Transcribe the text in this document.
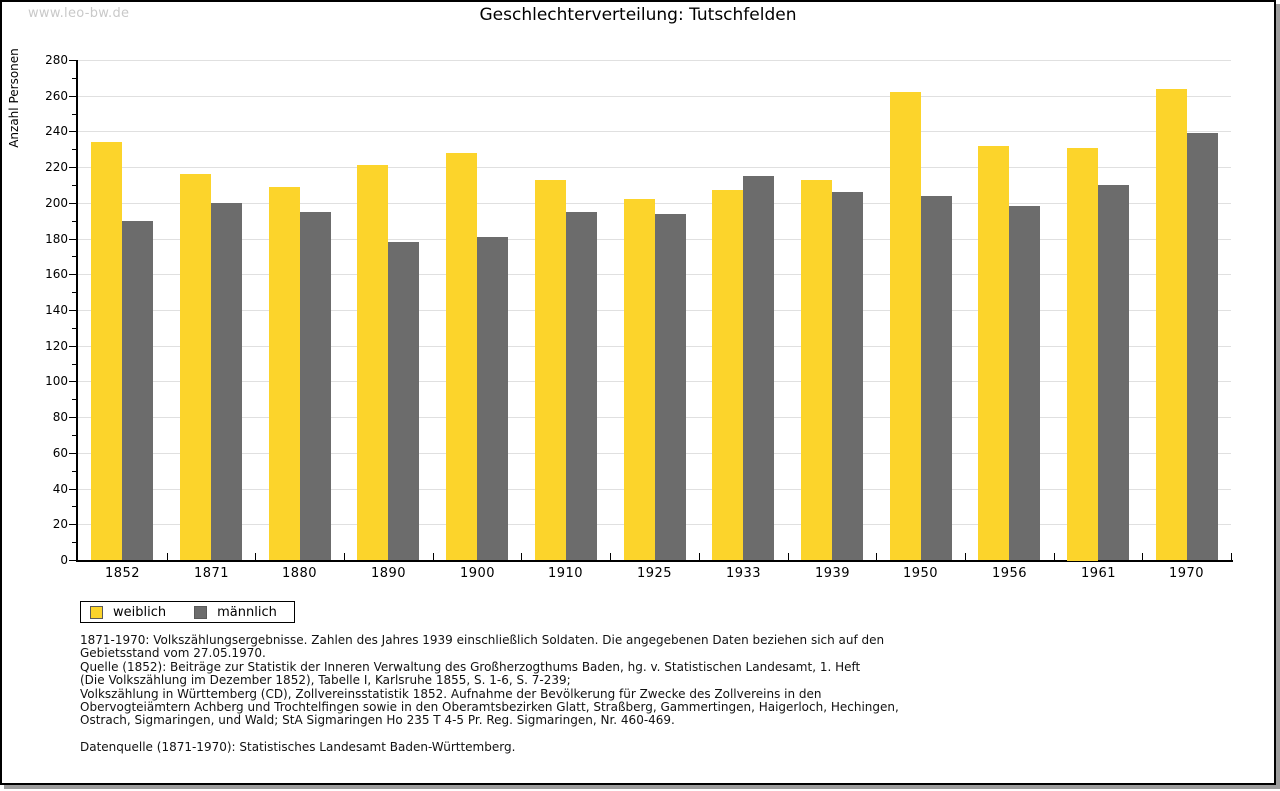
www.leo-bw.de	Geschlechterverteilung: Tutschfelden
Anzahl Personen
0
20
40
60
80
100
120
140
160
180
200
220
240
260
280
1852	1871	1880	1890	1900	1910	1925	1933	1939	1950	1956	1961	1970
weiblich	männlich
1871-1970: Volkszählungsergebnisse. Zahlen des Jahres 1939 einschließlich Soldaten. Die angegebenen Daten beziehen sich auf den
Gebietsstand vom 27.05.1970.
Quelle (1852): Beiträge zur Statistik der Inneren Verwaltung des Großherzogthums Baden, hg. v. Statistischen Landesamt, 1. Heft
(Die Volkszählung im Dezember 1852), Tabelle I, Karlsruhe 1855, S. 1-6, S. 7-239;
Volkszählung in Württemberg (CD), Zollvereinsstatistik 1852. Aufnahme der Bevölkerung für Zwecke des Zollvereins in den
Obervogteiämtern Achberg und Trochtelfingen sowie in den Oberamtsbezirken Glatt, Straßberg, Gammertingen, Haigerloch, Hechingen,
Ostrach, Sigmaringen, und Wald; StA Sigmaringen Ho 235 T 4-5 Pr. Reg. Sigmaringen, Nr. 460-469.
Datenquelle (1871-1970): Statistisches Landesamt Baden-Württemberg.
